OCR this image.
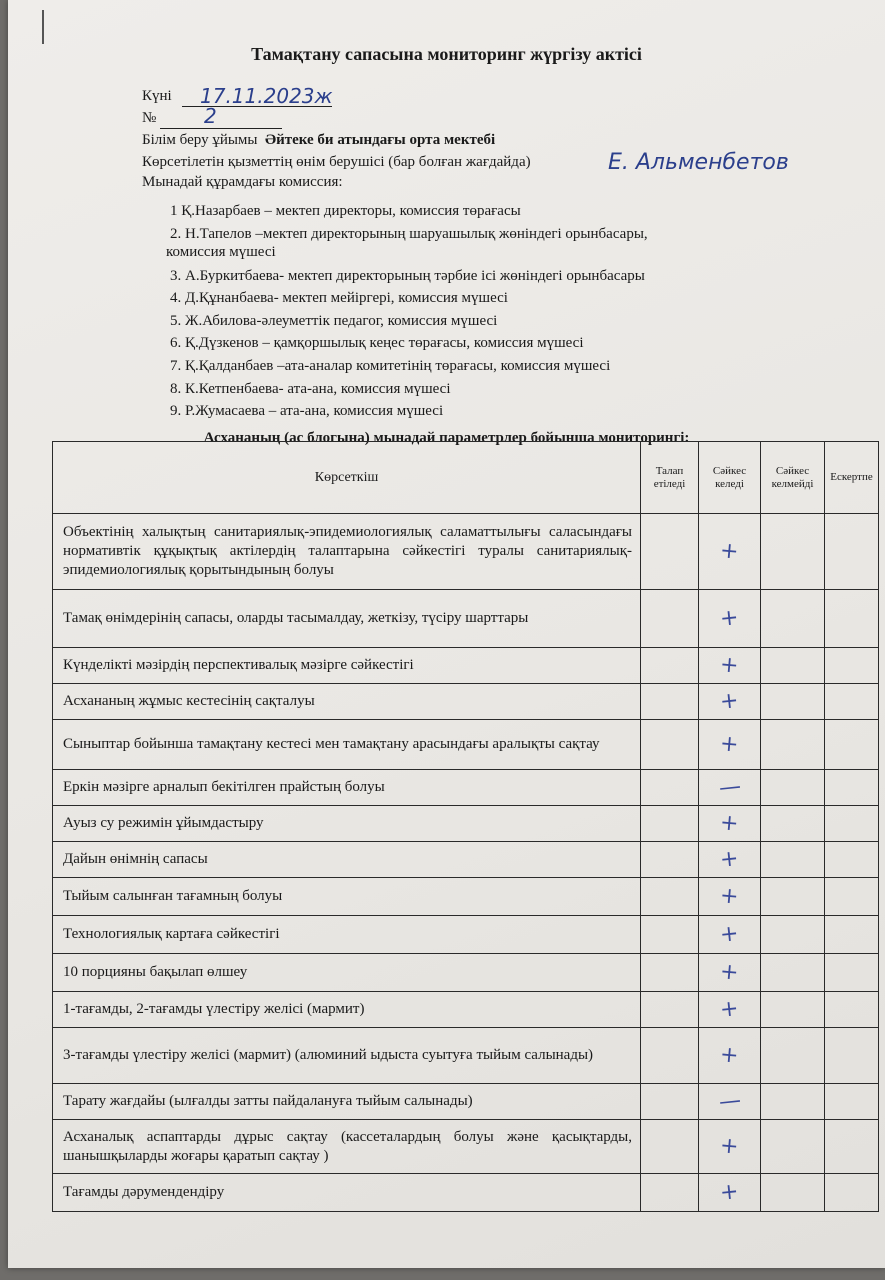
Тамақтану сапасына мониторинг жүргізу актісі
Күні 17.11.2023ж
№ 2
Білім беру ұйымы Әйтеке би атындағы орта мектебі
Көрсетілетін қызметтің өнім берушісі (бар болған жағдайда)	Е. Альменбетов
Мынадай құрамдағы комиссия:
1 Қ.Назарбаев – мектеп директоры, комиссия төрағасы
2. Н.Тапелов –мектеп директорының шаруашылық жөніндегі орынбасары,
комиссия мүшесі
3. А.Буркитбаева- мектеп директорының тәрбие ісі жөніндегі орынбасары
4. Д.Құнанбаева- мектеп мейіргері, комиссия мүшесі
5. Ж.Абилова-әлеуметтік педагог, комиссия мүшесі
6. Қ.Дүзкенов – қамқоршылық кеңес төрағасы, комиссия мүшесі
7. Қ.Қалданбаев –ата-аналар комитетінің төрағасы, комиссия мүшесі
8. К.Кетпенбаева- ата-ана, комиссия мүшесі
9. Р.Жумасаева – ата-ана, комиссия мүшесі
Асхананың (ас блогына) мынадай параметрлер бойынша мониторингі:
Көрсеткіш	Талап етіледі	Сәйкес келеді	Сәйкес келмейді	Ескертпе
Объектінің халықтың санитариялық-эпидемиологиялық саламаттылығы саласындағы нормативтік құқықтық актілердің талаптарына сәйкестігі туралы санитариялық-эпидемиологиялық қорытындының болуы		+		
Тамақ өнімдерінің сапасы, оларды тасымалдау, жеткізу, түсіру шарттары		+		
Күнделікті мәзірдің перспективалық мәзірге сәйкестігі		+		
Асхананың жұмыс кестесінің сақталуы		+		
Сыныптар бойынша тамақтану кестесі мен тамақтану арасындағы аралықты сақтау		+		
Еркін мәзірге арналып бекітілген прайстың болуы		—		
Ауыз су режимін ұйымдастыру		+		
Дайын өнімнің сапасы		+		
Тыйым салынған тағамның болуы		+		
Технологиялық картаға сәйкестігі		+		
10 порцияны бақылап өлшеу		+		
1-тағамды, 2-тағамды үлестіру желісі (мармит)		+		
3-тағамды үлестіру желісі (мармит) (алюминий ыдыста суытуға тыйым салынады)		+		
Тарату жағдайы (ылғалды затты пайдалануға тыйым салынады)		—		
Асханалық аспаптарды дұрыс сақтау (кассеталардың болуы және қасықтарды, шанышқыларды жоғары қаратып сақтау )		+		
Тағамды дәрумендендіру		+		
